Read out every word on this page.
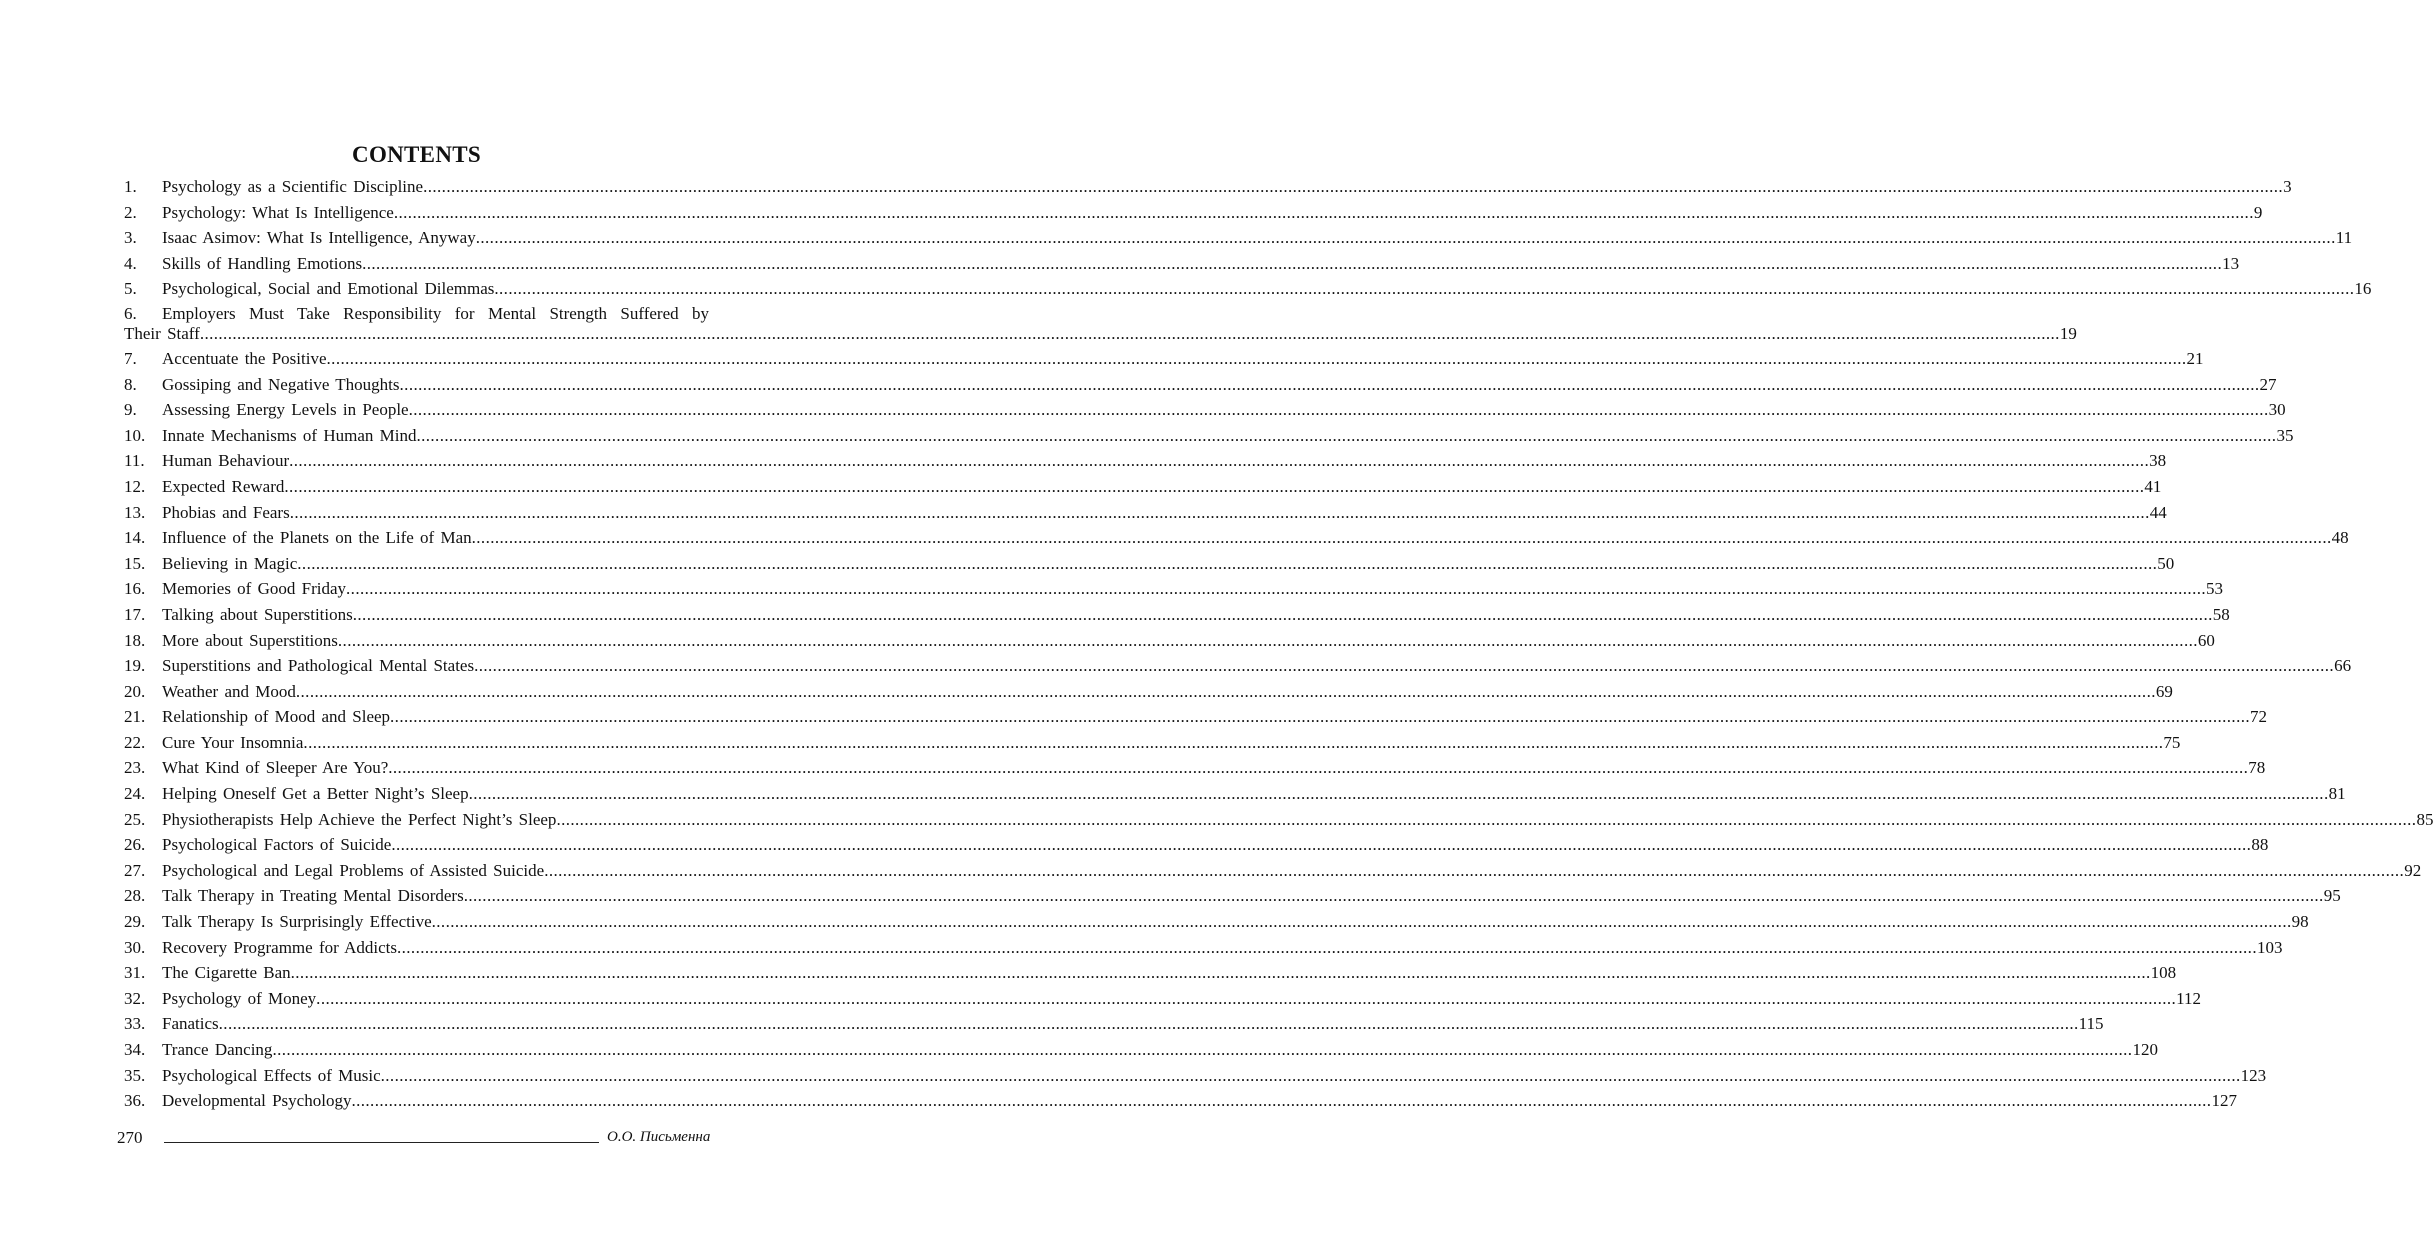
CONTENTS
1. Psychology as a Scientific Discipline ................................................................................................................................................................................................................................................................................................................................................................................................................ 3
2. Psychology: What Is Intelligence ................................................................................................................................................................................................................................................................................................................................................................................................................ 9
3. Isaac Asimov: What Is Intelligence, Anyway ................................................................................................................................................................................................................................................................................................................................................................................................................ 11
4. Skills of Handling Emotions ................................................................................................................................................................................................................................................................................................................................................................................................................ 13
5. Psychological, Social and Emotional Dilemmas ................................................................................................................................................................................................................................................................................................................................................................................................................ 16
6. Employers Must Take Responsibility for Mental Strength Suffered by
Their Staff ................................................................................................................................................................................................................................................................................................................................................................................................................ 19
7. Accentuate the Positive ................................................................................................................................................................................................................................................................................................................................................................................................................ 21
8. Gossiping and Negative Thoughts ................................................................................................................................................................................................................................................................................................................................................................................................................ 27
9. Assessing Energy Levels in People ................................................................................................................................................................................................................................................................................................................................................................................................................ 30
10. Innate Mechanisms of Human Mind ................................................................................................................................................................................................................................................................................................................................................................................................................ 35
11. Human Behaviour ................................................................................................................................................................................................................................................................................................................................................................................................................ 38
12. Expected Reward ................................................................................................................................................................................................................................................................................................................................................................................................................ 41
13. Phobias and Fears ................................................................................................................................................................................................................................................................................................................................................................................................................ 44
14. Influence of the Planets on the Life of Man ................................................................................................................................................................................................................................................................................................................................................................................................................ 48
15. Believing in Magic ................................................................................................................................................................................................................................................................................................................................................................................................................ 50
16. Memories of Good Friday ................................................................................................................................................................................................................................................................................................................................................................................................................ 53
17. Talking about Superstitions ................................................................................................................................................................................................................................................................................................................................................................................................................ 58
18. More about Superstitions ................................................................................................................................................................................................................................................................................................................................................................................................................ 60
19. Superstitions and Pathological Mental States ................................................................................................................................................................................................................................................................................................................................................................................................................ 66
20. Weather and Mood ................................................................................................................................................................................................................................................................................................................................................................................................................ 69
21. Relationship of Mood and Sleep ................................................................................................................................................................................................................................................................................................................................................................................................................ 72
22. Cure Your Insomnia ................................................................................................................................................................................................................................................................................................................................................................................................................ 75
23. What Kind of Sleeper Are You? ................................................................................................................................................................................................................................................................................................................................................................................................................ 78
24. Helping Oneself Get a Better Night’s Sleep ................................................................................................................................................................................................................................................................................................................................................................................................................ 81
25. Physiotherapists Help Achieve the Perfect Night’s Sleep ................................................................................................................................................................................................................................................................................................................................................................................................................ 85
26. Psychological Factors of Suicide ................................................................................................................................................................................................................................................................................................................................................................................................................ 88
27. Psychological and Legal Problems of Assisted Suicide ................................................................................................................................................................................................................................................................................................................................................................................................................ 92
28. Talk Therapy in Treating Mental Disorders ................................................................................................................................................................................................................................................................................................................................................................................................................ 95
29. Talk Therapy Is Surprisingly Effective ................................................................................................................................................................................................................................................................................................................................................................................................................ 98
30. Recovery Programme for Addicts ................................................................................................................................................................................................................................................................................................................................................................................................................ 103
31. The Cigarette Ban ................................................................................................................................................................................................................................................................................................................................................................................................................ 108
32. Psychology of Money ................................................................................................................................................................................................................................................................................................................................................................................................................ 112
33. Fanatics ................................................................................................................................................................................................................................................................................................................................................................................................................ 115
34. Trance Dancing ................................................................................................................................................................................................................................................................................................................................................................................................................ 120
35. Psychological Effects of Music ................................................................................................................................................................................................................................................................................................................................................................................................................ 123
36. Developmental Psychology ................................................................................................................................................................................................................................................................................................................................................................................................................ 127
270	О.О. Письменна
